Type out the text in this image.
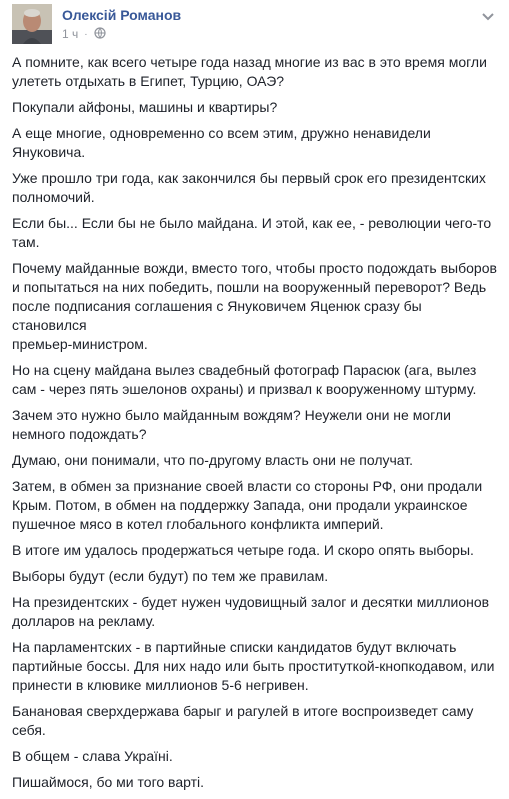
Олексій Романов
1 ч ·

А помните, как всего четыре года назад многие из вас в это время могли
улететь отдыхать в Египет, Турцию, ОАЭ?

Покупали айфоны, машины и квартиры?

А еще многие, одновременно со всем этим, дружно ненавидели
Януковича.

Уже прошло три года, как закончился бы первый срок его президентских
полномочий.

Если бы... Если бы не было майдана. И этой, как ее, - революции чего-то
там.

Почему майданные вожди, вместо того, чтобы просто подождать выборов
и попытаться на них победить, пошли на вооруженный переворот? Ведь
после подписания соглашения с Януковичем Яценюк сразу бы становился
премьер-министром.

Но на сцену майдана вылез свадебный фотограф Парасюк (ага, вылез
сам - через пять эшелонов охраны) и призвал к вооруженному штурму.

Зачем это нужно было майданным вождям? Неужели они не могли
немного подождать?

Думаю, они понимали, что по-другому власть они не получат.

Затем, в обмен за признание своей власти со стороны РФ, они продали
Крым. Потом, в обмен на поддержку Запада, они продали украинское
пушечное мясо в котел глобального конфликта империй.

В итоге им удалось продержаться четыре года. И скоро опять выборы.

Выборы будут (если будут) по тем же правилам.

На президентских - будет нужен чудовищный залог и десятки миллионов
долларов на рекламу.

На парламентских - в партийные списки кандидатов будут включать
партийные боссы. Для них надо или быть проституткой-кнопкодавом, или
принести в клювике миллионов 5-6 негривен.

Банановая сверхдержава барыг и рагулей в итоге воспроизведет саму
себя.

В общем - слава Україні.

Пишаймося, бо ми того варті.
